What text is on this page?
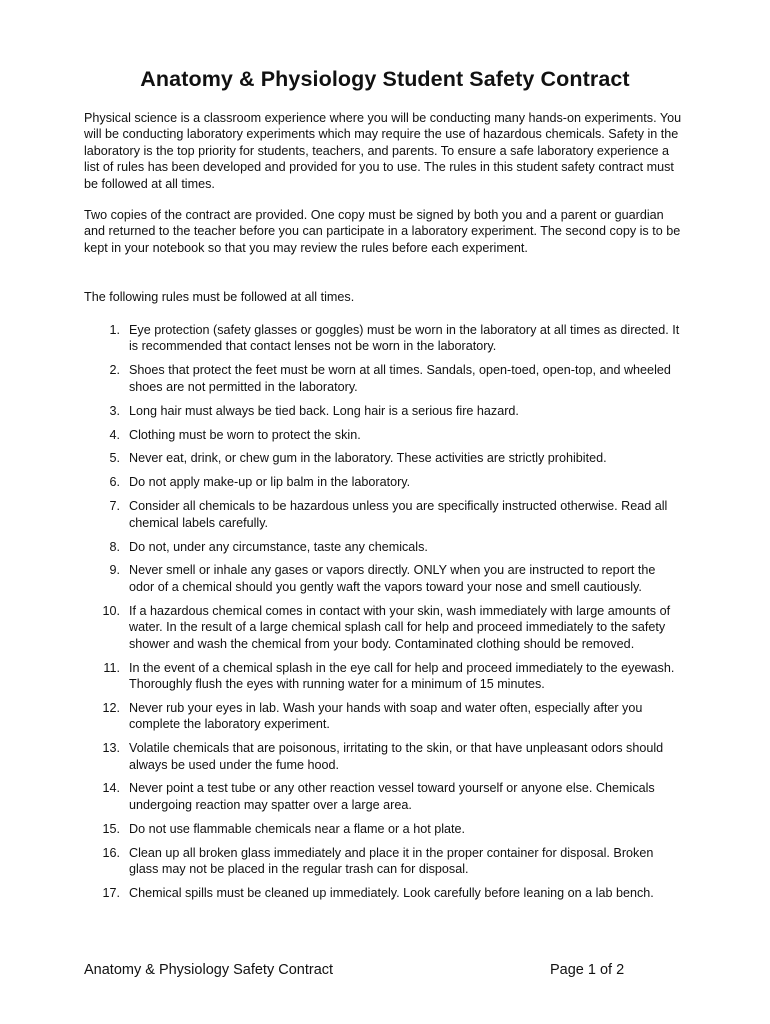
Anatomy & Physiology Student Safety Contract

Physical science is a classroom experience where you will be conducting many hands-on experiments. You will be conducting laboratory experiments which may require the use of hazardous chemicals. Safety in the laboratory is the top priority for students, teachers, and parents. To ensure a safe laboratory experience a list of rules has been developed and provided for you to use. The rules in this student safety contract must be followed at all times.

Two copies of the contract are provided. One copy must be signed by both you and a parent or guardian and returned to the teacher before you can participate in a laboratory experiment. The second copy is to be kept in your notebook so that you may review the rules before each experiment.

The following rules must be followed at all times.

1. Eye protection (safety glasses or goggles) must be worn in the laboratory at all times as directed. It is recommended that contact lenses not be worn in the laboratory.
2. Shoes that protect the feet must be worn at all times. Sandals, open-toed, open-top, and wheeled shoes are not permitted in the laboratory.
3. Long hair must always be tied back. Long hair is a serious fire hazard.
4. Clothing must be worn to protect the skin.
5. Never eat, drink, or chew gum in the laboratory. These activities are strictly prohibited.
6. Do not apply make-up or lip balm in the laboratory.
7. Consider all chemicals to be hazardous unless you are specifically instructed otherwise. Read all chemical labels carefully.
8. Do not, under any circumstance, taste any chemicals.
9. Never smell or inhale any gases or vapors directly. ONLY when you are instructed to report the odor of a chemical should you gently waft the vapors toward your nose and smell cautiously.
10. If a hazardous chemical comes in contact with your skin, wash immediately with large amounts of water. In the result of a large chemical splash call for help and proceed immediately to the safety shower and wash the chemical from your body. Contaminated clothing should be removed.
11. In the event of a chemical splash in the eye call for help and proceed immediately to the eyewash. Thoroughly flush the eyes with running water for a minimum of 15 minutes.
12. Never rub your eyes in lab. Wash your hands with soap and water often, especially after you complete the laboratory experiment.
13. Volatile chemicals that are poisonous, irritating to the skin, or that have unpleasant odors should always be used under the fume hood.
14. Never point a test tube or any other reaction vessel toward yourself or anyone else. Chemicals undergoing reaction may spatter over a large area.
15. Do not use flammable chemicals near a flame or a hot plate.
16. Clean up all broken glass immediately and place it in the proper container for disposal. Broken glass may not be placed in the regular trash can for disposal.
17. Chemical spills must be cleaned up immediately. Look carefully before leaning on a lab bench.
Anatomy & Physiology Safety Contract	Page 1 of 2
